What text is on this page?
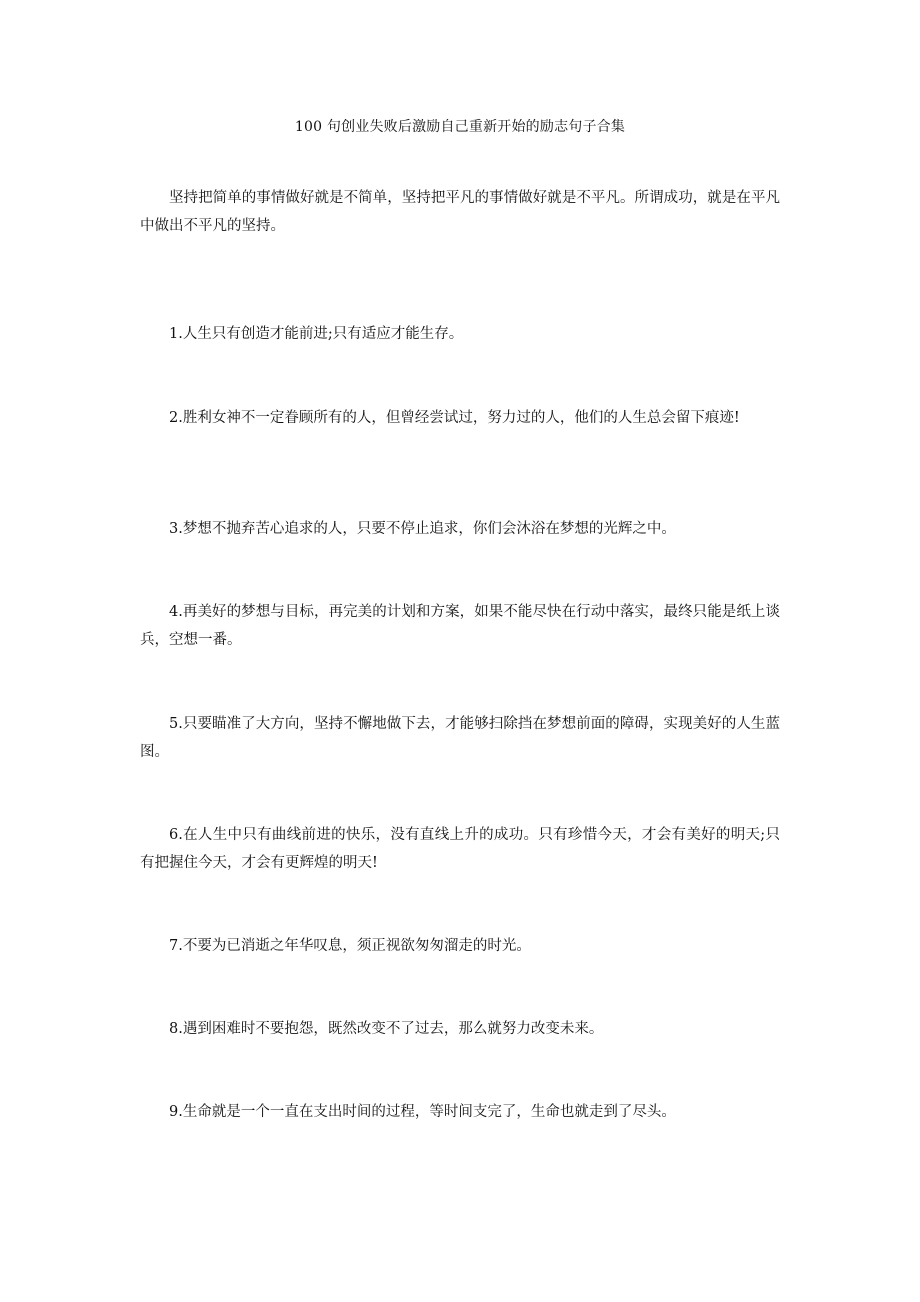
100 句创业失败后激励自己重新开始的励志句子合集

坚持把简单的事情做好就是不简单，坚持把平凡的事情做好就是不平凡。所谓成功，就是在平凡中做出不平凡的坚持。

1.人生只有创造才能前进;只有适应才能生存。

2.胜利女神不一定眷顾所有的人，但曾经尝试过，努力过的人，他们的人生总会留下痕迹!

3.梦想不抛弃苦心追求的人，只要不停止追求，你们会沐浴在梦想的光辉之中。

4.再美好的梦想与目标，再完美的计划和方案，如果不能尽快在行动中落实，最终只能是纸上谈兵，空想一番。

5.只要瞄准了大方向，坚持不懈地做下去，才能够扫除挡在梦想前面的障碍，实现美好的人生蓝图。

6.在人生中只有曲线前进的快乐，没有直线上升的成功。只有珍惜今天，才会有美好的明天;只有把握住今天，才会有更辉煌的明天!

7.不要为已消逝之年华叹息，须正视欲匆匆溜走的时光。

8.遇到困难时不要抱怨，既然改变不了过去，那么就努力改变未来。

9.生命就是一个一直在支出时间的过程，等时间支完了，生命也就走到了尽头。
